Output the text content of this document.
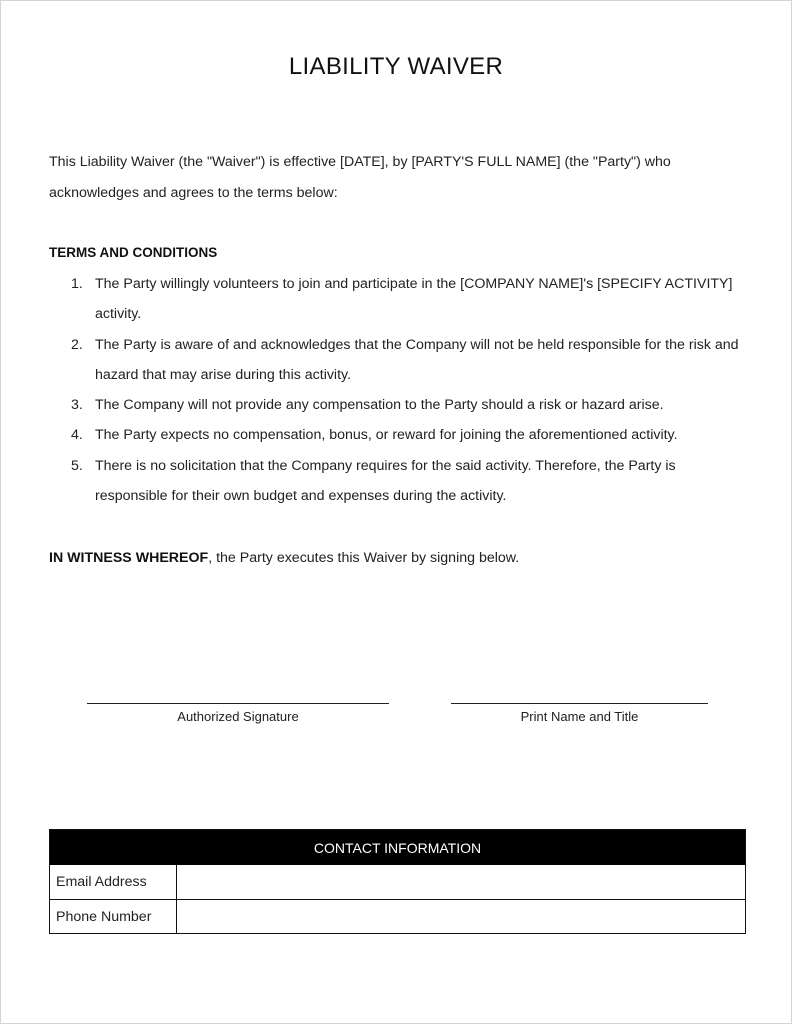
LIABILITY WAIVER
This Liability Waiver (the "Waiver") is effective [DATE], by [PARTY'S FULL NAME] (the "Party") who acknowledges and agrees to the terms below:
TERMS AND CONDITIONS
1. The Party willingly volunteers to join and participate in the [COMPANY NAME]'s [SPECIFY ACTIVITY] activity.
2. The Party is aware of and acknowledges that the Company will not be held responsible for the risk and hazard that may arise during this activity.
3. The Company will not provide any compensation to the Party should a risk or hazard arise.
4. The Party expects no compensation, bonus, or reward for joining the aforementioned activity.
5. There is no solicitation that the Company requires for the said activity. Therefore, the Party is responsible for their own budget and expenses during the activity.
IN WITNESS WHEREOF, the Party executes this Waiver by signing below.
Authorized Signature	Print Name and Title
CONTACT INFORMATION
Email Address
Phone Number
